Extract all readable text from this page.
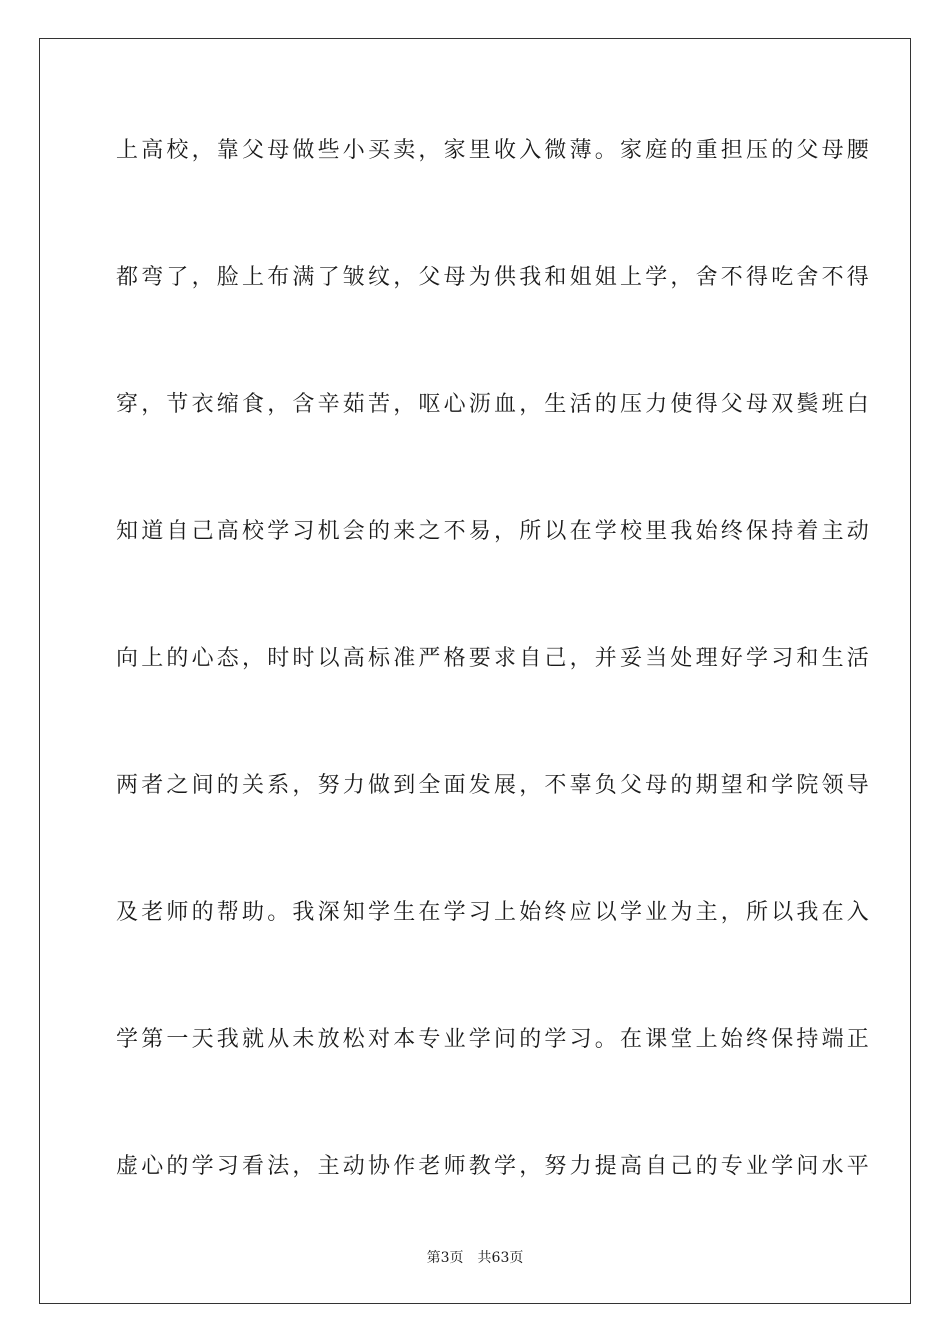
上高校，靠父母做些小买卖，家里收入微薄。家庭的重担压的父母腰
都弯了，脸上布满了皱纹，父母为供我和姐姐上学，舍不得吃舍不得
穿，节衣缩食，含辛茹苦，呕心沥血，生活的压力使得父母双鬓班白
知道自己高校学习机会的来之不易，所以在学校里我始终保持着主动
向上的心态，时时以高标准严格要求自己，并妥当处理好学习和生活
两者之间的关系，努力做到全面发展，不辜负父母的期望和学院领导
及老师的帮助。我深知学生在学习上始终应以学业为主，所以我在入
学第一天我就从未放松对本专业学问的学习。在课堂上始终保持端正
虚心的学习看法，主动协作老师教学，努力提高自己的专业学问水平
第3页 共63页
